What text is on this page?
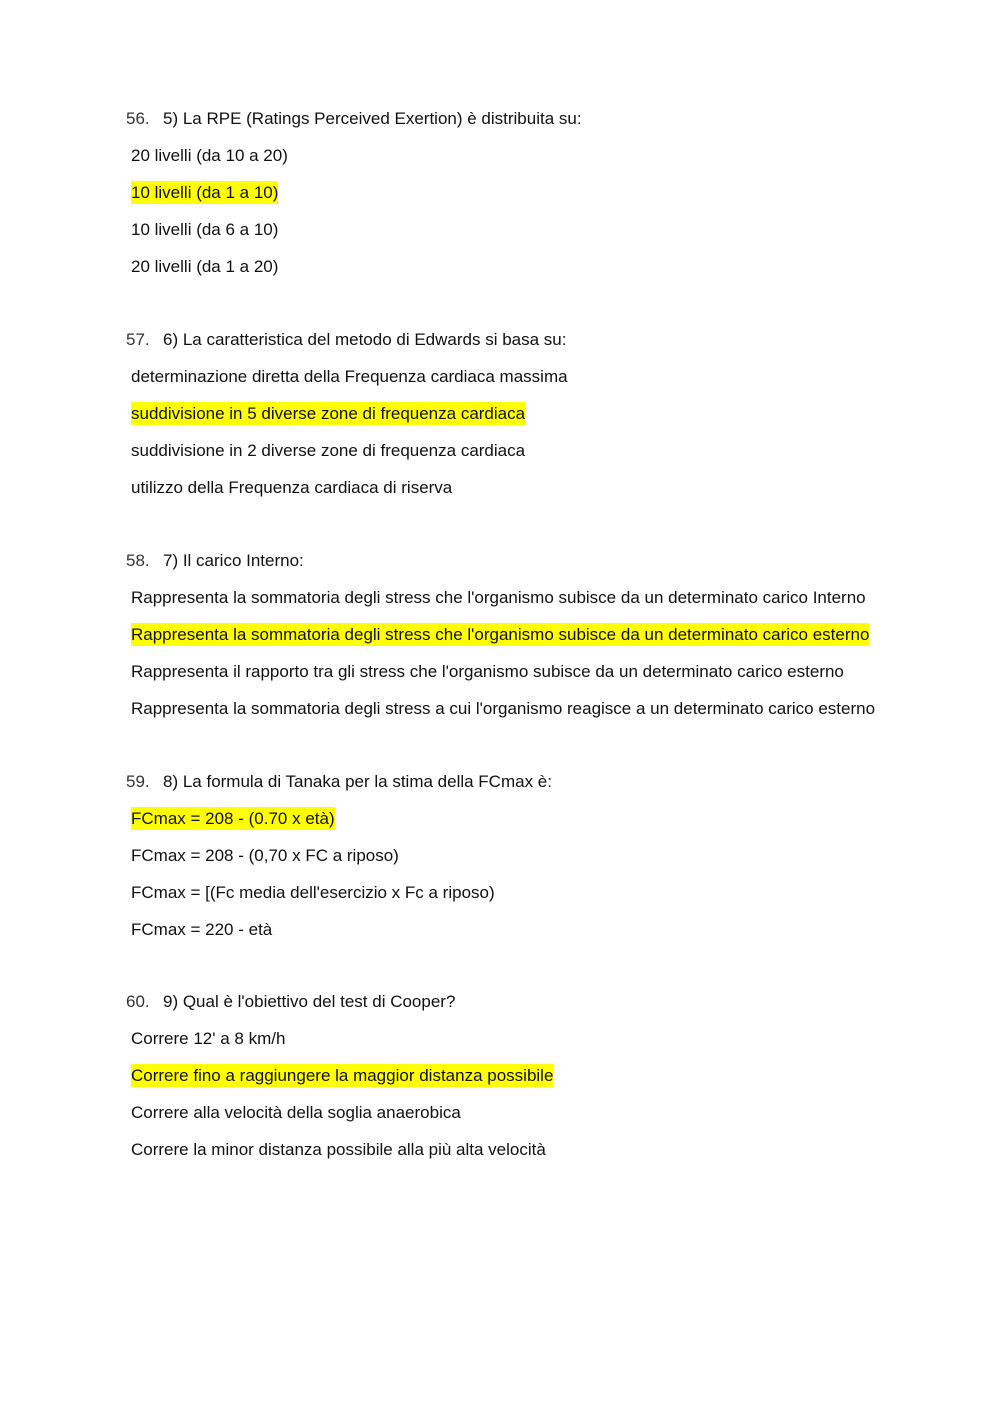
56. 5) La RPE (Ratings Perceived Exertion) è distribuita su:
20 livelli (da 10 a 20)
10 livelli (da 1 a 10)
10 livelli (da 6 a 10)
20 livelli (da 1 a 20)
57. 6) La caratteristica del metodo di Edwards si basa su:
determinazione diretta della Frequenza cardiaca massima
suddivisione in 5 diverse zone di frequenza cardiaca
suddivisione in 2 diverse zone di frequenza cardiaca
utilizzo della Frequenza cardiaca di riserva
58. 7) Il carico Interno:
Rappresenta la sommatoria degli stress che l'organismo subisce da un determinato carico Interno
Rappresenta la sommatoria degli stress che l'organismo subisce da un determinato carico esterno
Rappresenta il rapporto tra gli stress che l'organismo subisce da un determinato carico esterno
Rappresenta la sommatoria degli stress a cui l'organismo reagisce a un determinato carico esterno
59. 8) La formula di Tanaka per la stima della FCmax è:
FCmax = 208 - (0.70 x età)
FCmax = 208 - (0,70 x FC a riposo)
FCmax = [(Fc media dell'esercizio x Fc a riposo)
FCmax = 220 - età
60. 9) Qual è l'obiettivo del test di Cooper?
Correre 12' a 8 km/h
Correre fino a raggiungere la maggior distanza possibile
Correre alla velocità della soglia anaerobica
Correre la minor distanza possibile alla più alta velocità
